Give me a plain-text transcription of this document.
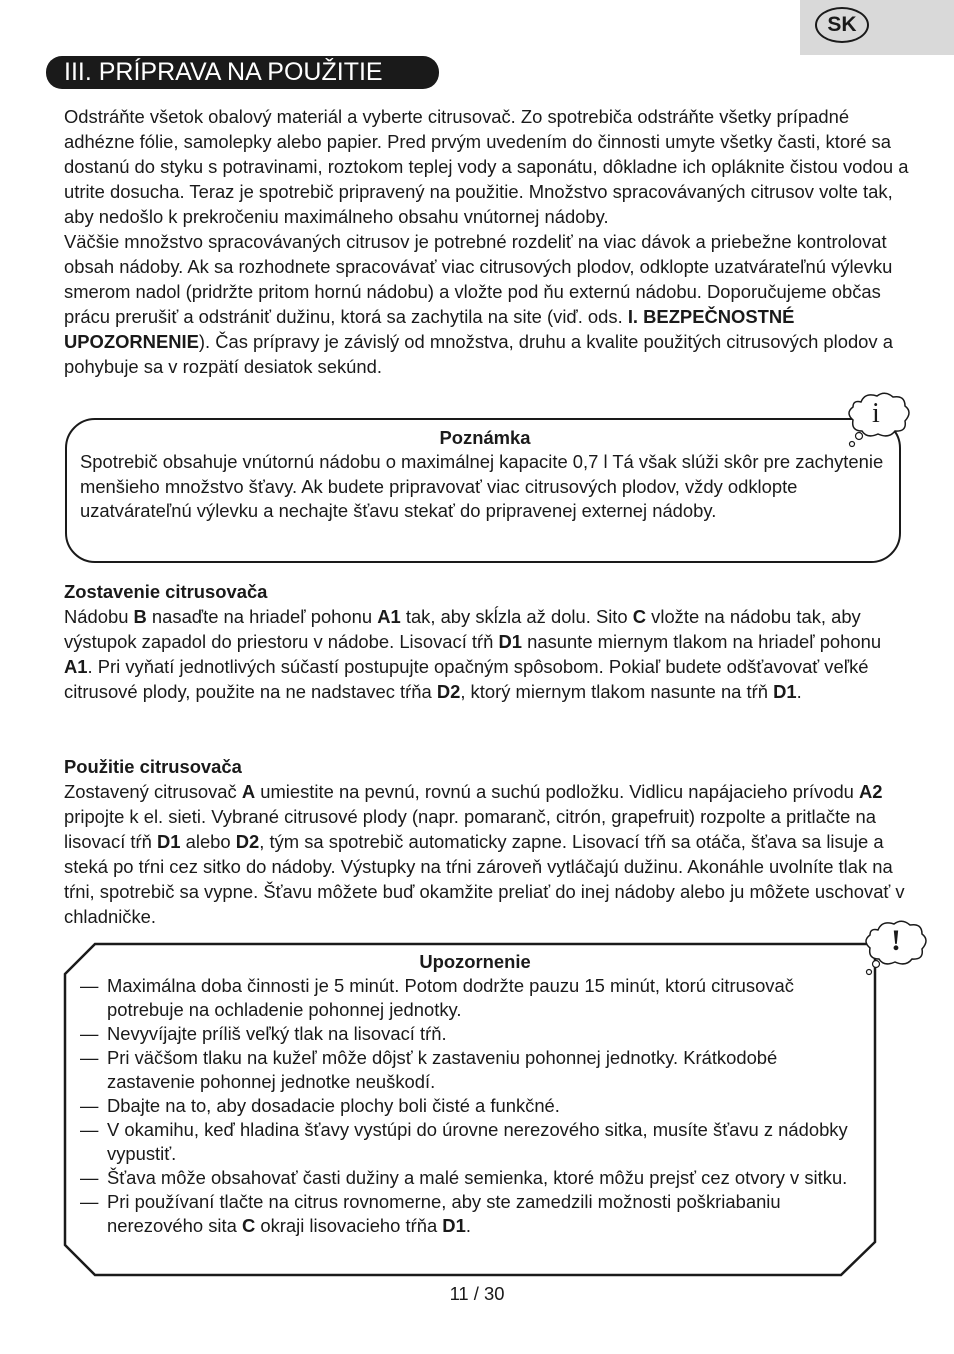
SK
III. PRÍPRAVA NA POUŽITIE

Odstráňte všetok obalový materiál a vyberte citrusovač. Zo spotrebiča odstráňte všetky prípadné adhézne fólie, samolepky alebo papier. Pred prvým uvedením do činnosti umyte všetky časti, ktoré sa dostanú do styku s potravinami, roztokom teplej vody a saponátu, dôkladne ich opláknite čistou vodou a utrite dosucha. Teraz je spotrebič pripravený na použitie. Množstvo spracovávaných citrusov volte tak, aby nedošlo k prekročeniu maximálneho obsahu vnútornej nádoby.

Väčšie množstvo spracovávaných citrusov je potrebné rozdeliť na viac dávok a priebežne kontrolovat obsah nádoby. Ak sa rozhodnete spracovávať viac citrusových plodov, odklopte uzatvárateľnú výlevku smerom nadol (pridržte pritom hornú nádobu) a vložte pod ňu externú nádobu. Doporučujeme občas prácu prerušiť a odstrániť dužinu, ktorá sa zachytila na site (viď. ods. I. BEZPEČNOSTNÉ UPOZORNENIE). Čas prípravy je závislý od množstva, druhu a kvalite použitých citrusových plodov a pohybuje sa v rozpätí desiatok sekúnd.

i
Poznámka
Spotrebič obsahuje vnútornú nádobu o maximálnej kapacite 0,7 l Tá však slúži skôr pre zachytenie menšieho množstvo šťavy. Ak budete pripravovať viac citrusových plodov, vždy odklopte uzatvárateľnú výlevku a nechajte šťavu stekať do pripravenej externej nádoby.

Zostavenie citrusovača

Nádobu B nasaďte na hriadeľ pohonu A1 tak, aby skĺzla až dolu. Sito C vložte na nádobu tak, aby výstupok zapadol do priestoru v nádobe. Lisovací tŕň D1 nasunte miernym tlakom na hriadeľ pohonu A1. Pri vyňatí jednotlivých súčastí postupujte opačným spôsobom. Pokiaľ budete odšťavovať veľké citrusové plody, použite na ne nadstavec tŕňa D2, ktorý miernym tlakom nasunte na tŕň D1.

Použitie citrusovača

Zostavený citrusovač A umiestite na pevnú, rovnú a suchú podložku. Vidlicu napájacieho prívodu A2 pripojte k el. sieti. Vybrané citrusové plody (napr. pomaranč, citrón, grapefruit) rozpolte a pritlačte na lisovací tŕň D1 alebo D2, tým sa spotrebič automaticky zapne. Lisovací tŕň sa otáča, šťava sa lisuje a steká po tŕni cez sitko do nádoby. Výstupky na tŕni zároveň vytláčajú dužinu. Akonáhle uvolníte tlak na tŕni, spotrebič sa vypne. Šťavu môžete buď okamžite preliať do inej nádoby alebo ju môžete uschovať v chladničke.

!
Upozornenie
— Maximálna doba činnosti je 5 minút. Potom dodržte pauzu 15 minút, ktorú citrusovač potrebuje na ochladenie pohonnej jednotky.
— Nevyvíjajte príliš veľký tlak na lisovací tŕň.
— Pri väčšom tlaku na kužeľ môže dôjsť k zastaveniu pohonnej jednotky. Krátkodobé zastavenie pohonnej jednotke neuškodí.
— Dbajte na to, aby dosadacie plochy boli čisté a funkčné.
— V okamihu, keď hladina šťavy vystúpi do úrovne nerezového sitka, musíte šťavu z nádobky vypustiť.
— Šťava môže obsahovať časti dužiny a malé semienka, ktoré môžu prejsť cez otvory v sitku.
— Pri používaní tlačte na citrus rovnomerne, aby ste zamedzili možnosti poškriabaniu nerezového sita C okraji lisovacieho tŕňa D1.
11 / 30
